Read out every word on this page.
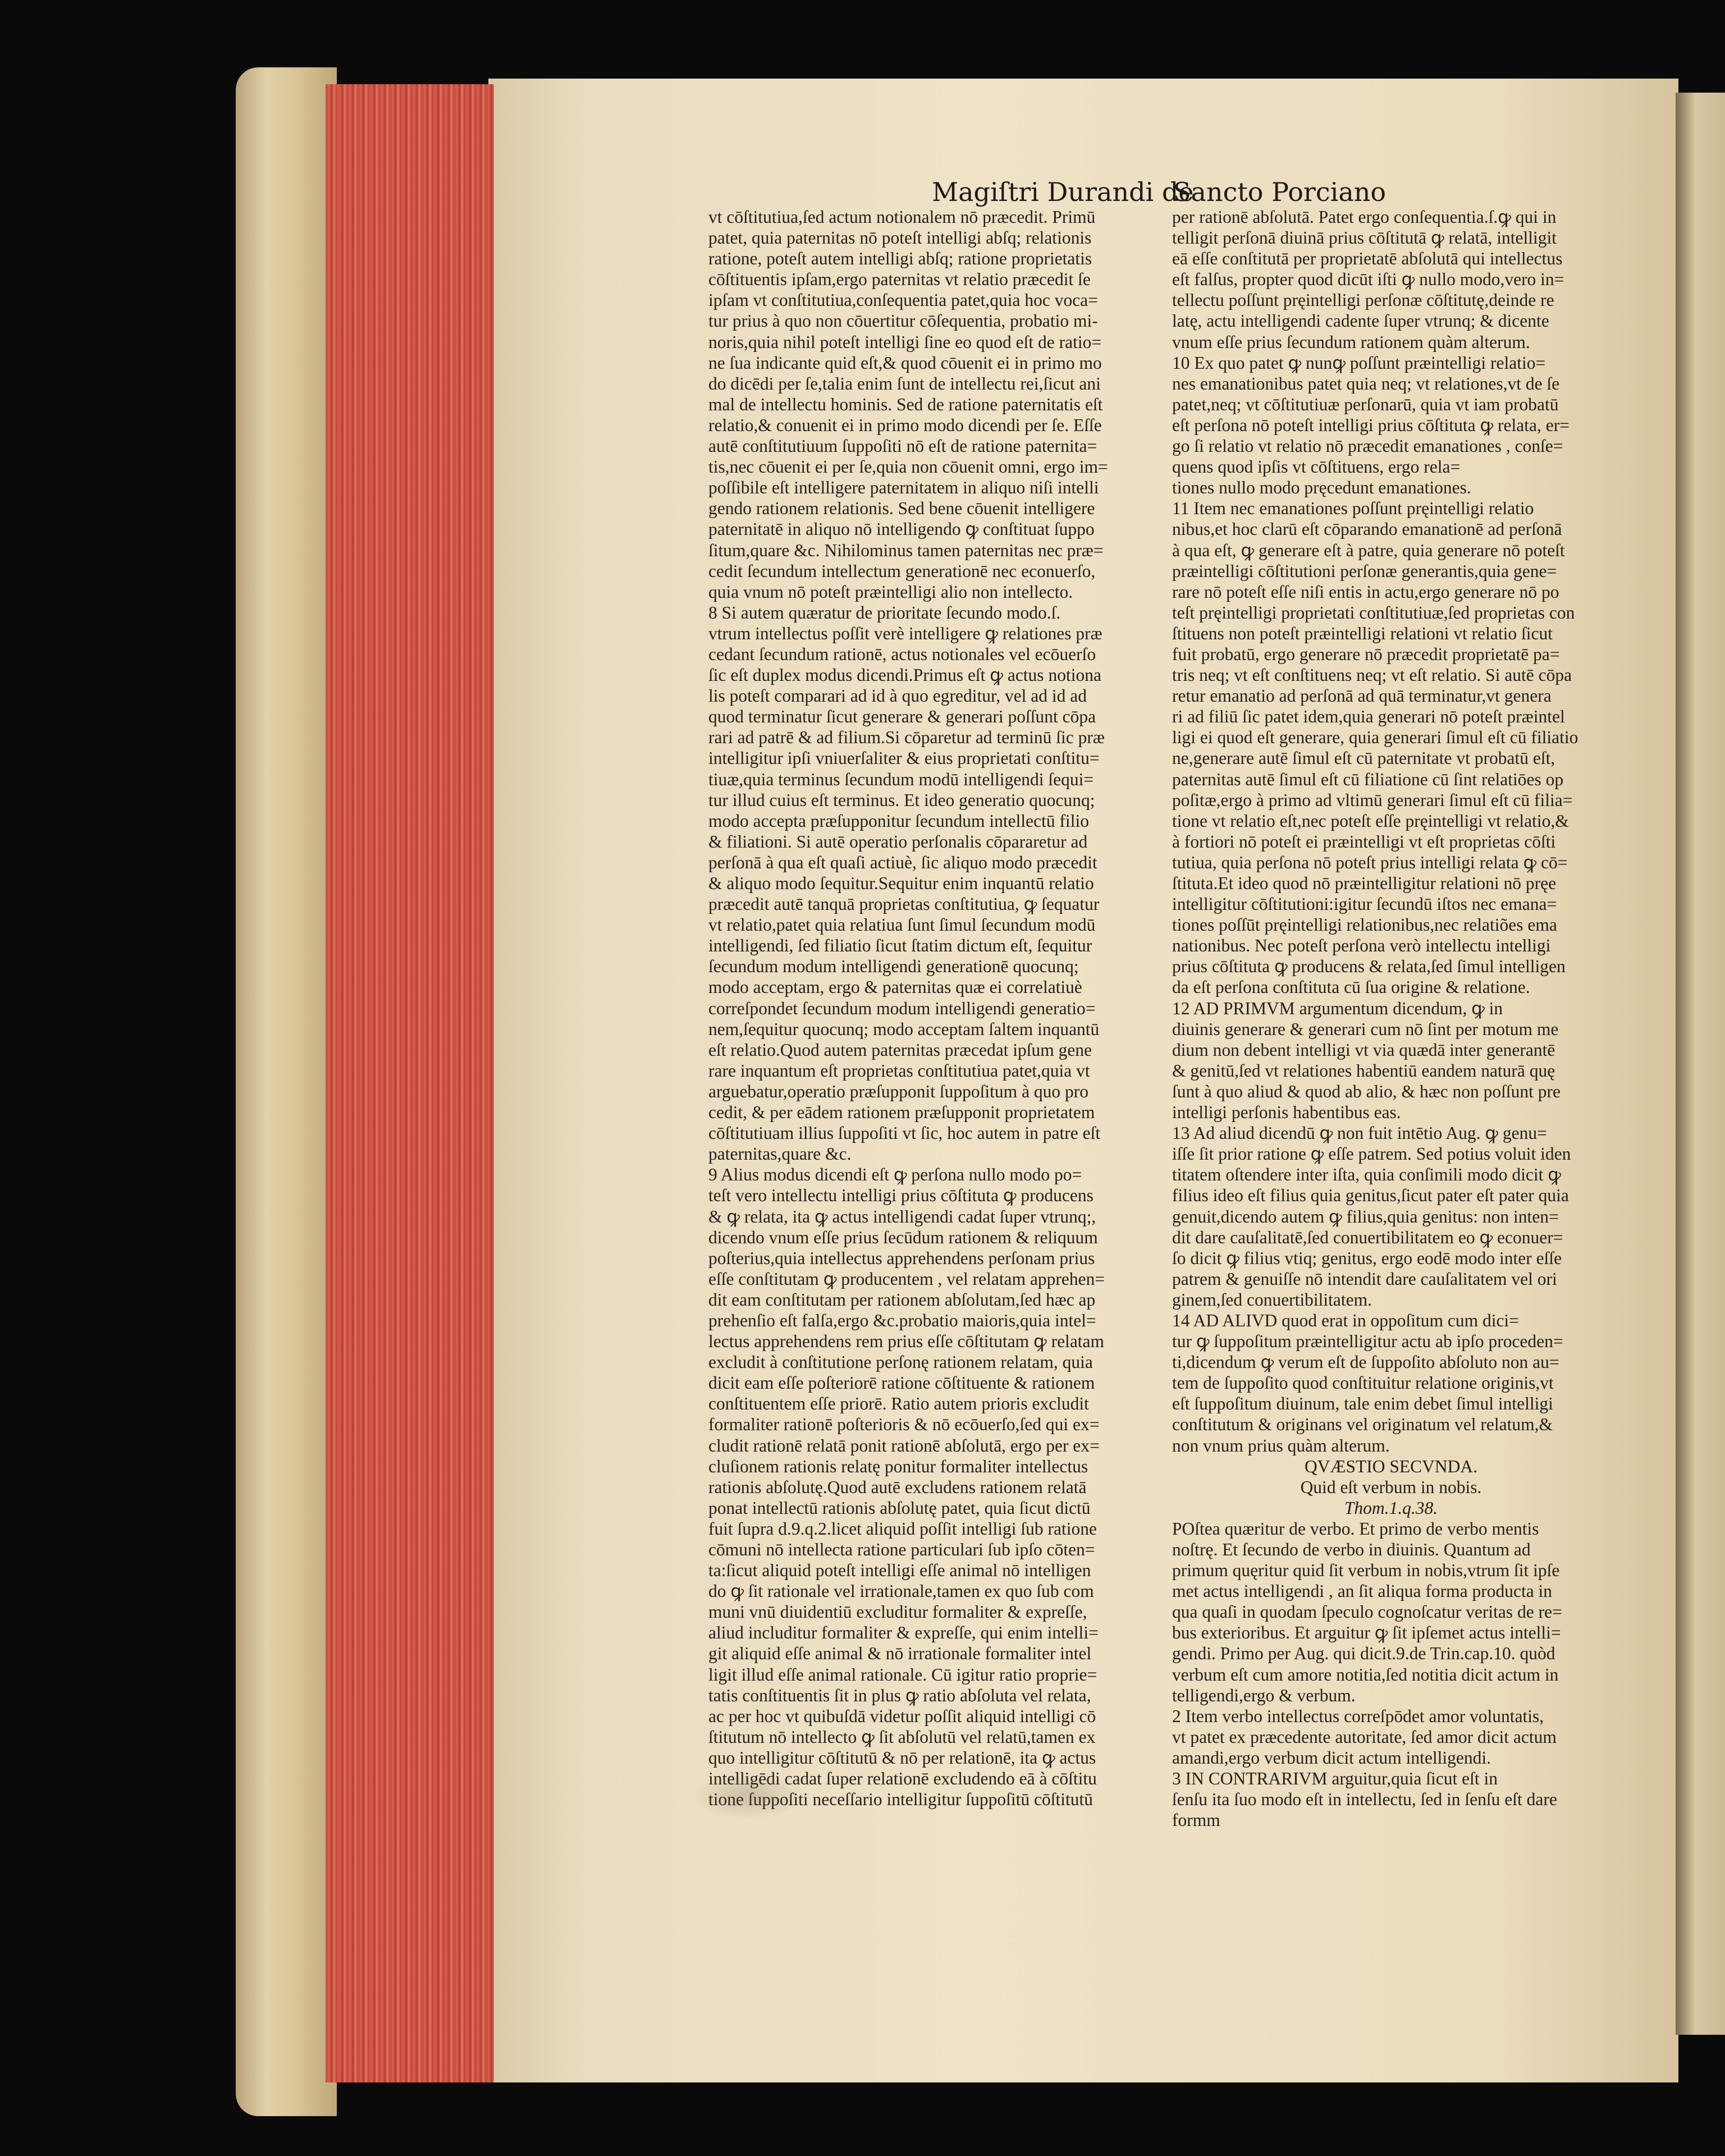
Magiſtri Durandi de
Sancto Porciano
vt cōſtitutiua,ſed actum notionalem nō præcedit. Primū
patet, quia paternitas nō poteſt intelligi abſq; relationis
ratione, poteſt autem intelligi abſq; ratione proprietatis
cōſtituentis ipſam,ergo paternitas vt relatio præcedit ſe
ipſam vt conſtitutiua,conſequentia patet,quia hoc voca=
tur prius à quo non cōuertitur cōſequentia, probatio mi-
noris,quia nihil poteſt intelligi ſine eo quod eſt de ratio=
ne ſua indicante quid eſt,& quod cōuenit ei in primo mo
do dicēdi per ſe,talia enim ſunt de intellectu rei,ſicut ani
mal de intellectu hominis. Sed de ratione paternitatis eſt
relatio,& conuenit ei in primo modo dicendi per ſe. Eſſe
autē conſtitutiuum ſuppoſiti nō eſt de ratione paternita=
tis,nec cōuenit ei per ſe,quia non cōuenit omni, ergo im=
poſſibile eſt intelligere paternitatem in aliquo niſi intelli
gendo rationem relationis. Sed bene cōuenit intelligere
paternitatē in aliquo nō intelligendo ꝙ conſtituat ſuppo
ſitum,quare &c. Nihilominus tamen paternitas nec præ=
cedit ſecundum intellectum generationē nec econuerſo,
quia vnum nō poteſt præintelligi alio non intellecto.
8 Si autem quæratur de prioritate ſecundo modo.ſ.
vtrum intellectus poſſit verè intelligere ꝙ relationes præ
cedant ſecundum rationē, actus notionales vel ecōuerſo
ſic eſt duplex modus dicendi.Primus eſt ꝙ actus notiona
lis poteſt comparari ad id à quo egreditur, vel ad id ad
quod terminatur ſicut generare & generari poſſunt cōpa
rari ad patrē & ad filium.Si cōparetur ad terminū ſic præ
intelligitur ipſi vniuerſaliter & eius proprietati conſtitu=
tiuæ,quia terminus ſecundum modū intelligendi ſequi=
tur illud cuius eſt terminus. Et ideo generatio quocunq;
modo accepta præſupponitur ſecundum intellectū filio
& filiationi. Si autē operatio perſonalis cōpararetur ad
perſonā à qua eſt quaſi actiuè, ſic aliquo modo præcedit
& aliquo modo ſequitur.Sequitur enim inquantū relatio
præcedit autē tanquā proprietas conſtitutiua, ꝙ ſequatur
vt relatio,patet quia relatiua ſunt ſimul ſecundum modū
intelligendi, ſed filiatio ſicut ſtatim dictum eſt, ſequitur
ſecundum modum intelligendi generationē quocunq;
modo acceptam, ergo & paternitas quæ ei correlatiuè
correſpondet ſecundum modum intelligendi generatio=
nem,ſequitur quocunq; modo acceptam ſaltem inquantū
eſt relatio.Quod autem paternitas præcedat ipſum gene
rare inquantum eſt proprietas conſtitutiua patet,quia vt
arguebatur,operatio præſupponit ſuppoſitum à quo pro
cedit, & per eādem rationem præſupponit proprietatem
cōſtitutiuam illius ſuppoſiti vt ſic, hoc autem in patre eſt
paternitas,quare &c.
9 Alius modus dicendi eſt ꝙ perſona nullo modo po=
teſt vero intellectu intelligi prius cōſtituta ꝙ producens
& ꝙ relata, ita ꝙ actus intelligendi cadat ſuper vtrunq;,
dicendo vnum eſſe prius ſecūdum rationem & reliquum
poſterius,quia intellectus apprehendens perſonam prius
eſſe conſtitutam ꝙ producentem , vel relatam apprehen=
dit eam conſtitutam per rationem abſolutam,ſed hæc ap
prehenſio eſt falſa,ergo &c.probatio maioris,quia intel=
lectus apprehendens rem prius eſſe cōſtitutam ꝙ relatam
excludit à conſtitutione perſonę rationem relatam, quia
dicit eam eſſe poſteriorē ratione cōſtituente & rationem
conſtituentem eſſe priorē. Ratio autem prioris excludit
formaliter rationē poſterioris & nō ecōuerſo,ſed qui ex=
cludit rationē relatā ponit rationē abſolutā, ergo per ex=
cluſionem rationis relatę ponitur formaliter intellectus
rationis abſolutę.Quod autē excludens rationem relatā
ponat intellectū rationis abſolutę patet, quia ſicut dictū
fuit ſupra d.9.q.2.licet aliquid poſſit intelligi ſub ratione
cōmuni nō intellecta ratione particulari ſub ipſo cōten=
ta:ſicut aliquid poteſt intelligi eſſe animal nō intelligen
do ꝙ ſit rationale vel irrationale,tamen ex quo ſub com
muni vnū diuidentiū excluditur formaliter & expreſſe,
aliud includitur formaliter & expreſſe, qui enim intelli=
git aliquid eſſe animal & nō irrationale formaliter intel
ligit illud eſſe animal rationale. Cū igitur ratio proprie=
tatis conſtituentis ſit in plus ꝙ ratio abſoluta vel relata,
ac per hoc vt quibuſdā videtur poſſit aliquid intelligi cō
ſtitutum nō intellecto ꝙ ſit abſolutū vel relatū,tamen ex
quo intelligitur cōſtitutū & nō per relationē, ita ꝙ actus
intelligēdi cadat ſuper relationē excludendo eā à cōſtitu
tione ſuppoſiti neceſſario intelligitur ſuppoſitū cōſtitutū
per rationē abſolutā. Patet ergo conſequentia.ſ.ꝙ qui in
telligit perſonā diuinā prius cōſtitutā ꝙ relatā, intelligit
eā eſſe conſtitutā per proprietatē abſolutā qui intellectus
eſt falſus, propter quod dicūt iſti ꝙ nullo modo,vero in=
tellectu poſſunt pręintelligi perſonæ cōſtitutę,deinde re
latę, actu intelligendi cadente ſuper vtrunq; & dicente
vnum eſſe prius ſecundum rationem quàm alterum.
10 Ex quo patet ꝙ nunꝙ poſſunt præintelligi relatio=
nes emanationibus patet quia neq; vt relationes,vt de ſe
patet,neq; vt cōſtitutiuæ perſonarū, quia vt iam probatū
eſt perſona nō poteſt intelligi prius cōſtituta ꝙ relata, er=
go ſi relatio vt relatio nō præcedit emanationes , conſe=
quens quod ipſis vt cōſtituens, ergo rela=
tiones nullo modo pręcedunt emanationes.
11 Item nec emanationes poſſunt pręintelligi relatio
nibus,et hoc clarū eſt cōparando emanationē ad perſonā
à qua eſt, ꝙ generare eſt à patre, quia generare nō poteſt
præintelligi cōſtitutioni perſonæ generantis,quia gene=
rare nō poteſt eſſe niſi entis in actu,ergo generare nō po
teſt pręintelligi proprietati conſtitutiuæ,ſed proprietas con
ſtituens non poteſt præintelligi relationi vt relatio ſicut
fuit probatū, ergo generare nō præcedit proprietatē pa=
tris neq; vt eſt conſtituens neq; vt eſt relatio. Si autē cōpa
retur emanatio ad perſonā ad quā terminatur,vt genera
ri ad filiū ſic patet idem,quia generari nō poteſt præintel
ligi ei quod eſt generare, quia generari ſimul eſt cū filiatio
ne,generare autē ſimul eſt cū paternitate vt probatū eſt,
paternitas autē ſimul eſt cū filiatione cū ſint relatiōes op
poſitæ,ergo à primo ad vltimū generari ſimul eſt cū filia=
tione vt relatio eſt,nec poteſt eſſe pręintelligi vt relatio,&
à fortiori nō poteſt ei præintelligi vt eſt proprietas cōſti
tutiua, quia perſona nō poteſt prius intelligi relata ꝙ cō=
ſtituta.Et ideo quod nō præintelligitur relationi nō pręe
intelligitur cōſtitutioni:igitur ſecundū iſtos nec emana=
tiones poſſūt pręintelligi relationibus,nec relatiões ema
nationibus. Nec poteſt perſona verò intellectu intelligi
prius cōſtituta ꝙ producens & relata,ſed ſimul intelligen
da eſt perſona conſtituta cū ſua origine & relatione.
12 AD PRIMVM argumentum dicendum, ꝙ in
diuinis generare & generari cum nō ſint per motum me
dium non debent intelligi vt via quædā inter generantē
& genitū,ſed vt relationes habentiū eandem naturā quę
ſunt à quo aliud & quod ab alio, & hæc non poſſunt pre
intelligi perſonis habentibus eas.
13 Ad aliud dicendū ꝙ non fuit intētio Aug. ꝙ genu=
iſſe ſit prior ratione ꝙ eſſe patrem. Sed potius voluit iden
titatem oſtendere inter iſta, quia conſimili modo dicit ꝙ
filius ideo eſt filius quia genitus,ſicut pater eſt pater quia
genuit,dicendo autem ꝙ filius,quia genitus: non inten=
dit dare cauſalitatē,ſed conuertibilitatem eo ꝙ econuer=
ſo dicit ꝙ filius vtiq; genitus, ergo eodē modo inter eſſe
patrem & genuiſſe nō intendit dare cauſalitatem vel ori
ginem,ſed conuertibilitatem.
14 AD ALIVD quod erat in oppoſitum cum dici=
tur ꝙ ſuppoſitum præintelligitur actu ab ipſo proceden=
ti,dicendum ꝙ verum eſt de ſuppoſito abſoluto non au=
tem de ſuppoſito quod conſtituitur relatione originis,vt
eſt ſuppoſitum diuinum, tale enim debet ſimul intelligi
conſtitutum & originans vel originatum vel relatum,&
non vnum prius quàm alterum.
QVÆSTIO SECVNDA.
Quid eſt verbum in nobis.
Thom.1.q.38.
POſtea quæritur de verbo. Et primo de verbo mentis
noſtrę. Et ſecundo de verbo in diuinis. Quantum ad
primum quęritur quid ſit verbum in nobis,vtrum ſit ipſe
met actus intelligendi , an ſit aliqua forma producta in
qua quaſi in quodam ſpeculo cognoſcatur veritas de re=
bus exterioribus. Et arguitur ꝙ ſit ipſemet actus intelli=
gendi. Primo per Aug. qui dicit.9.de Trin.cap.10. quòd
verbum eſt cum amore notitia,ſed notitia dicit actum in
telligendi,ergo & verbum.
2 Item verbo intellectus correſpōdet amor voluntatis,
vt patet ex præcedente autoritate, ſed amor dicit actum
amandi,ergo verbum dicit actum intelligendi.
3 IN CONTRARIVM arguitur,quia ſicut eſt in
ſenſu ita ſuo modo eſt in intellectu, ſed in ſenſu eſt dare
formm
